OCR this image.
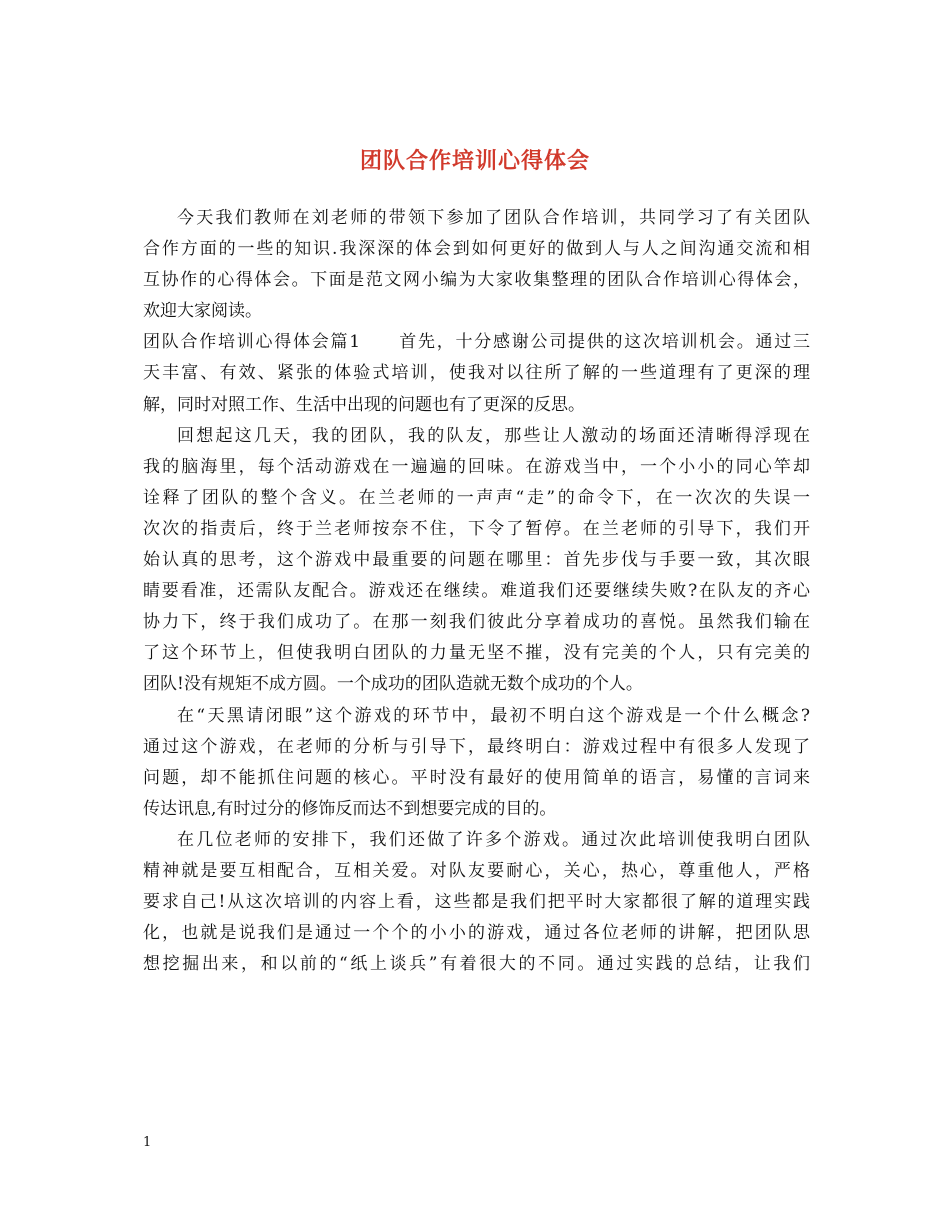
团队合作培训心得体会

今天我们教师在刘老师的带领下参加了团队合作培训，共同学习了有关团队
合作方面的一些的知识.我深深的体会到如何更好的做到人与人之间沟通交流和相
互协作的心得体会。下面是范文网小编为大家收集整理的团队合作培训心得体会，
欢迎大家阅读。

团队合作培训心得体会篇1　　 首先，十分感谢公司提供的这次培训机会。通过三
天丰富、有效、紧张的体验式培训，使我对以往所了解的一些道理有了更深的理
解，同时对照工作、生活中出现的问题也有了更深的反思。

回想起这几天，我的团队，我的队友，那些让人激动的场面还清晰得浮现在
我的脑海里，每个活动游戏在一遍遍的回味。在游戏当中，一个小小的同心竿却
诠释了团队的整个含义。在兰老师的一声声“走”的命令下，在一次次的失误一
次次的指责后，终于兰老师按奈不住，下令了暂停。在兰老师的引导下，我们开
始认真的思考，这个游戏中最重要的问题在哪里：首先步伐与手要一致，其次眼
睛要看准，还需队友配合。游戏还在继续。难道我们还要继续失败?在队友的齐心
协力下，终于我们成功了。在那一刻我们彼此分享着成功的喜悦。虽然我们输在
了这个环节上，但使我明白团队的力量无坚不摧，没有完美的个人，只有完美的
团队!没有规矩不成方圆。一个成功的团队造就无数个成功的个人。

在“天黑请闭眼”这个游戏的环节中，最初不明白这个游戏是一个什么概念?
通过这个游戏，在老师的分析与引导下，最终明白：游戏过程中有很多人发现了
问题，却不能抓住问题的核心。平时没有最好的使用简单的语言，易懂的言词来
传达讯息,有时过分的修饰反而达不到想要完成的目的。

在几位老师的安排下，我们还做了许多个游戏。通过次此培训使我明白团队
精神就是要互相配合，互相关爱。对队友要耐心，关心，热心，尊重他人，严格
要求自己!从这次培训的内容上看，这些都是我们把平时大家都很了解的道理实践
化，也就是说我们是通过一个个的小小的游戏，通过各位老师的讲解，把团队思
想挖掘出来，和以前的“纸上谈兵”有着很大的不同。通过实践的总结，让我们

1
